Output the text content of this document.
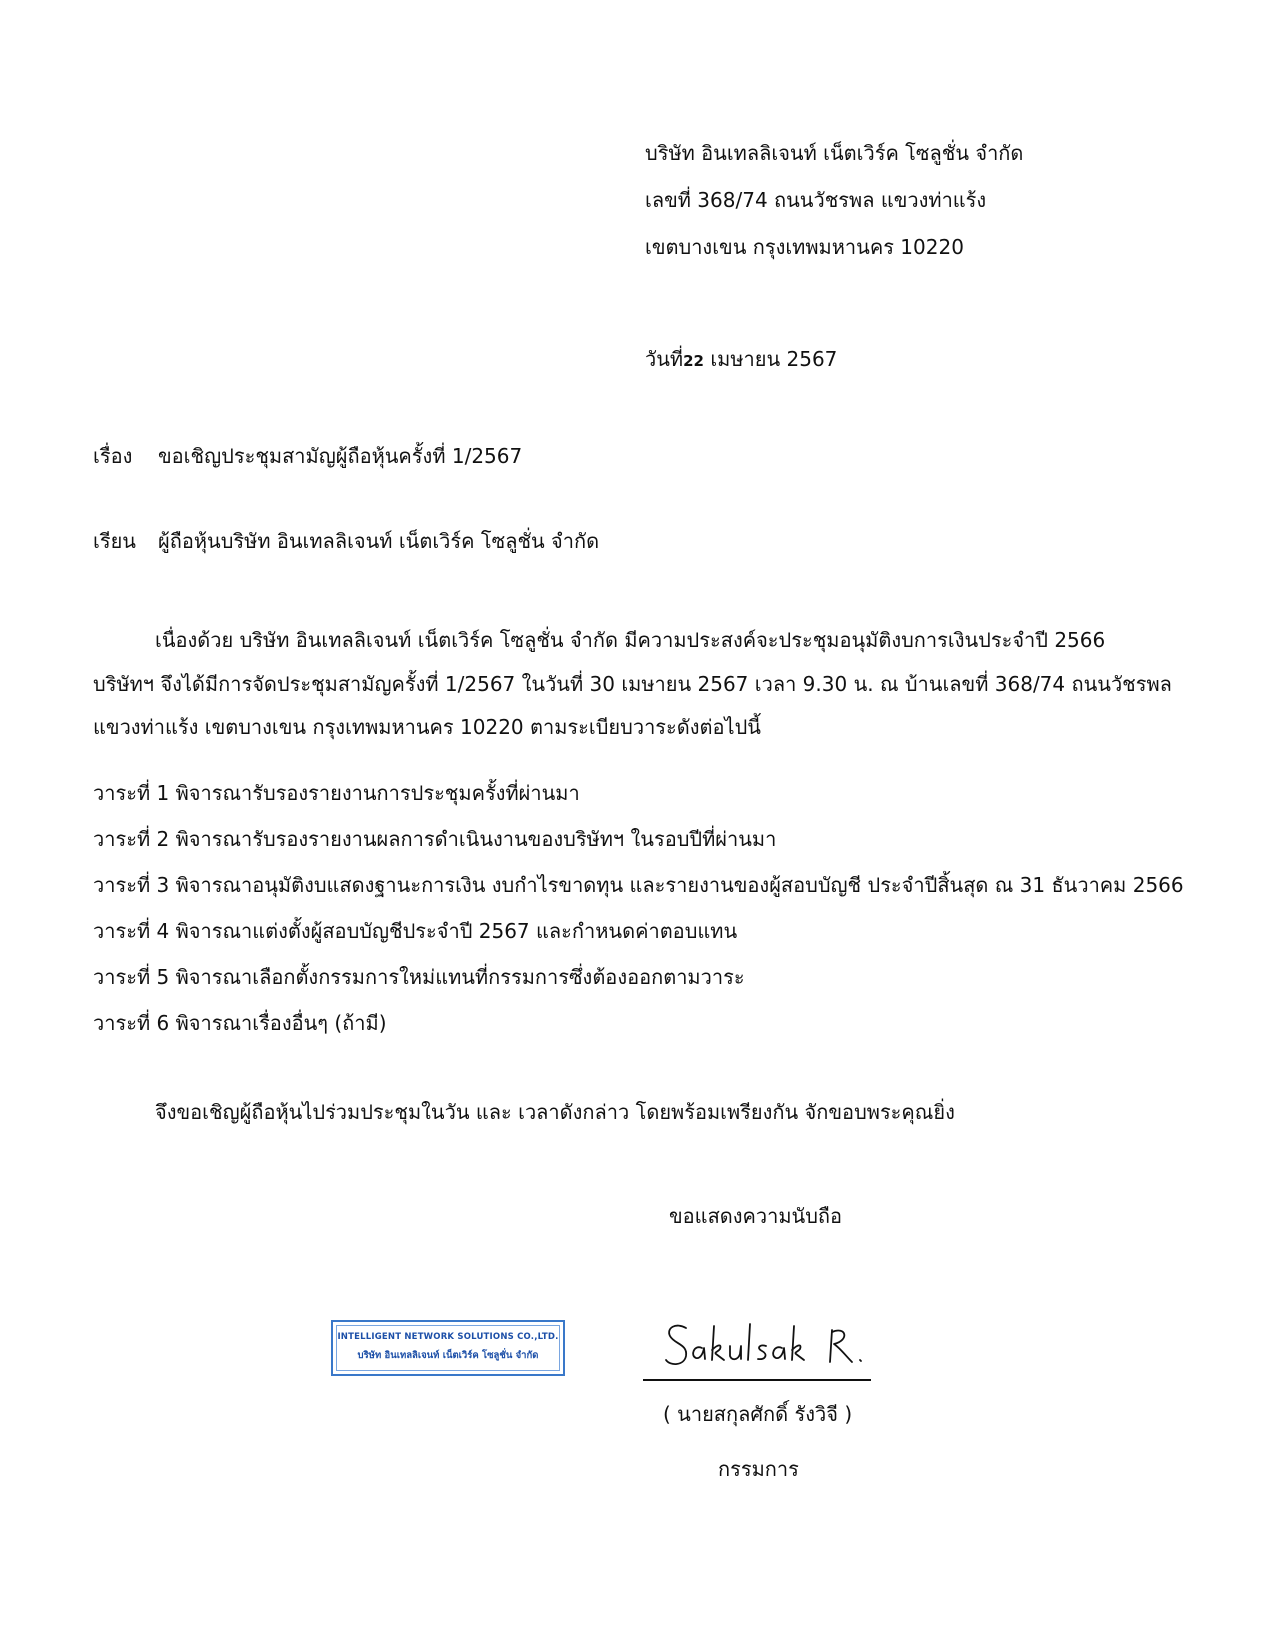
บริษัท อินเทลลิเจนท์ เน็ตเวิร์ค โซลูชั่น จำกัด
เลขที่ 368/74 ถนนวัชรพล แขวงท่าแร้ง
เขตบางเขน กรุงเทพมหานคร 10220
วันที่22 เมษายน 2567
เรื่อง ขอเชิญประชุมสามัญผู้ถือหุ้นครั้งที่ 1/2567
เรียน ผู้ถือหุ้นบริษัท อินเทลลิเจนท์ เน็ตเวิร์ค โซลูชั่น จำกัด
เนื่องด้วย บริษัท อินเทลลิเจนท์ เน็ตเวิร์ค โซลูชั่น จำกัด มีความประสงค์จะประชุมอนุมัติงบการเงินประจำปี 2566
บริษัทฯ จึงได้มีการจัดประชุมสามัญครั้งที่ 1/2567 ในวันที่ 30 เมษายน 2567 เวลา 9.30 น. ณ บ้านเลขที่ 368/74 ถนนวัชรพล
แขวงท่าแร้ง เขตบางเขน กรุงเทพมหานคร 10220 ตามระเบียบวาระดังต่อไปนี้
วาระที่ 1 พิจารณารับรองรายงานการประชุมครั้งที่ผ่านมา
วาระที่ 2 พิจารณารับรองรายงานผลการดำเนินงานของบริษัทฯ ในรอบปีที่ผ่านมา
วาระที่ 3 พิจารณาอนุมัติงบแสดงฐานะการเงิน งบกำไรขาดทุน และรายงานของผู้สอบบัญชี ประจำปีสิ้นสุด ณ 31 ธันวาคม 2566
วาระที่ 4 พิจารณาแต่งตั้งผู้สอบบัญชีประจำปี 2567 และกำหนดค่าตอบแทน
วาระที่ 5 พิจารณาเลือกตั้งกรรมการใหม่แทนที่กรรมการซึ่งต้องออกตามวาระ
วาระที่ 6 พิจารณาเรื่องอื่นๆ (ถ้ามี)
จึงขอเชิญผู้ถือหุ้นไปร่วมประชุมในวัน และ เวลาดังกล่าว โดยพร้อมเพรียงกัน จักขอบพระคุณยิ่ง
ขอแสดงความนับถือ
INTELLIGENT NETWORK SOLUTIONS CO.,LTD.
บริษัท อินเทลลิเจนท์ เน็ตเวิร์ค โซลูชั่น จำกัด
( นายสกุลศักดิ์ รังวิจี )
กรรมการ
